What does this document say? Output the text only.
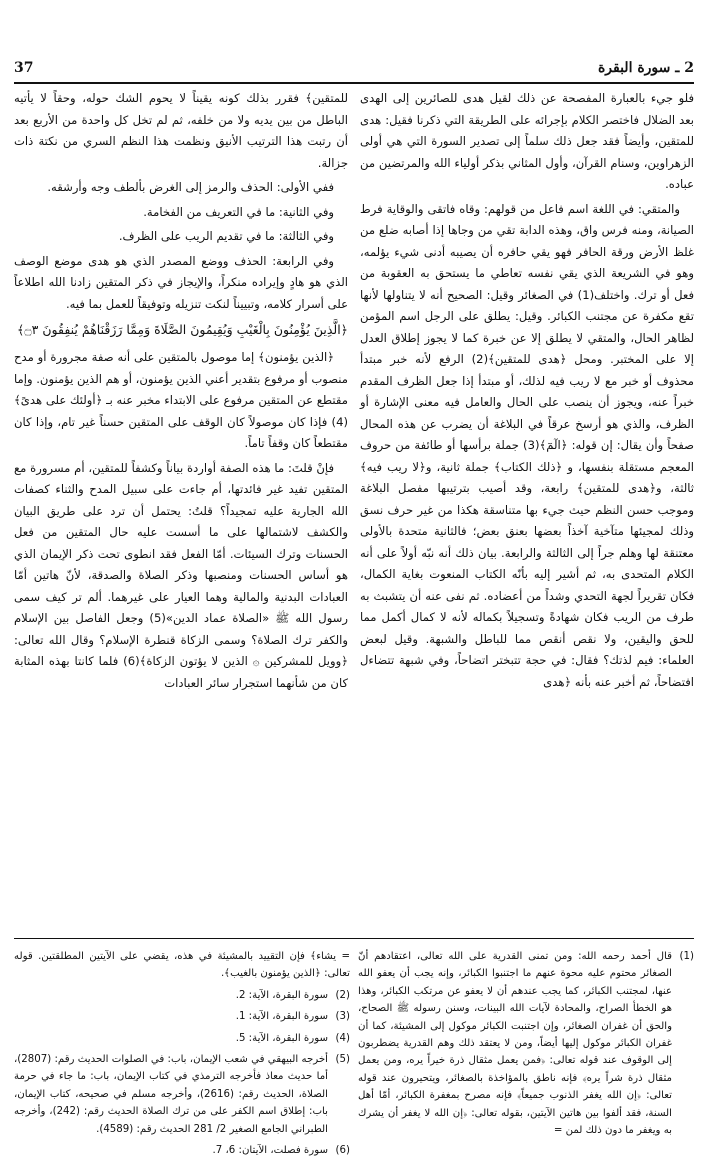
37	2 ـ سورة البقرة

فلو جيء بالعبارة المفصحة عن ذلك لقيل هدى للصائرين إلى الهدى بعد الضلال فاختصر الكلام بإجرائه على الطريقة التي ذكرنا فقيل: هدى للمتقين، وأيضاً فقد جعل ذلك سلماً إلى تصدير السورة التي هي أولى الزهراوين، وسنام القرآن، وأول المثاني بذكر أولياء الله والمرتضين من عباده.

والمتقي: في اللغة اسم فاعل من قولهم: وقاه فاتقى والوقاية فرط الصيانة، ومنه فرس واق، وهذه الدابة تقي من وجاها إذا أصابه ضلع من غلظ الأرض ورقة الحافر فهو يقي حافره أن يصيبه أدنى شيء يؤلمه، وهو في الشريعة الذي يقي نفسه تعاطي ما يستحق به العقوبة من فعل أو ترك. واختلف(1) في الصغائر وقيل: الصحيح أنه لا يتناولها لأنها تقع مكفرة عن مجتنب الكبائر. وقيل: يطلق على الرجل اسم المؤمن لظاهر الحال، والمتقي لا يطلق إلا عن خبرة كما لا يجوز إطلاق العدل إلا على المختبر. ومحل ﴿هدى للمتقين﴾(2) الرفع لأنه خبر مبتدأ محذوف أو خبر مع لا ريب فيه لذلك، أو مبتدأ إذا جعل الظرف المقدم خبراً عنه، ويجوز أن ينصب على الحال والعامل فيه معنى الإشارة أو الظرف، والذي هو أرسخ عرقاً في البلاغة أن يضرب عن هذه المحال صفحاً وأن يقال: إن قوله: ﴿الٓمٓ﴾(3) جملة برأسها أو طائفة من حروف المعجم مستقلة بنفسها، و ﴿ذلك الكتاب﴾ جملة ثانية، و﴿لا ريب فيه﴾ ثالثة، و﴿هدى للمتقين﴾ رابعة، وقد أصيب بترتيبها مفصل البلاغة وموجب حسن النظم حيث جيء بها متناسقة هكذا من غير حرف نسق وذلك لمجيئها متآخية آخذاً بعضها بعنق بعض؛ فالثانية متحدة بالأولى معتنقة لها وهلم جراً إلى الثالثة والرابعة. بيان ذلك أنه نبّه أولاً على أنه الكلام المتحدى به، ثم أشير إليه بأنّه الكتاب المنعوت بغاية الكمال، فكان تقريراً لجهة التحدي وشداً من أعضاده. ثم نفى عنه أن يتشبث به طرف من الريب فكان شهادةً وتسجيلاً بكماله لأنه لا كمال أكمل مما للحق واليقين، ولا نقص أنقص مما للباطل والشبهة. وقيل لبعض العلماء: فيم لذتك؟ فقال: في حجة تتبختر اتضاحاً، وفي شبهة تتضاءل افتضاحاً، ثم أخبر عنه بأنه ﴿هدى

للمتقين﴾ فقرر بذلك كونه يقيناً لا يحوم الشك حوله، وحقاً لا يأتيه الباطل من بين يديه ولا من خلفه، ثم لم تخل كل واحدة من الأربع بعد أن رتبت هذا الترتيب الأنيق ونظمت هذا النظم السري من نكتة ذات جزالة.

ففي الأولى: الحذف والرمز إلى الغرض بألطف وجه وأرشقه.

وفي الثانية: ما في التعريف من الفخامة.

وفي الثالثة: ما في تقديم الريب على الظرف.

وفي الرابعة: الحذف ووضع المصدر الذي هو هدى موضع الوصف الذي هو هادٍ وإيراده منكراً، والإيجاز في ذكر المتقين زادنا الله اطلاعاً على أسرار كلامه، وتبييناً لنكت تنزيله وتوفيقاً للعمل بما فيه.

﴿الَّذِينَ يُؤْمِنُونَ بِالْغَيْبِ وَيُقِيمُونَ الصَّلَاةَ وَمِمَّا رَزَقْنَاهُمْ يُنفِقُونَ ۝٣﴾

﴿الذين يؤمنون﴾ إما موصول بالمتقين على أنه صفة مجرورة أو مدح منصوب أو مرفوع بتقدير أعني الذين يؤمنون، أو هم الذين يؤمنون. وإما مقتطع عن المتقين مرفوع على الابتداء مخبر عنه بـ ﴿أولئك على هدىً﴾(4) فإذا كان موصولاً كان الوقف على المتقين حسناً غير تام، وإذا كان مقتطعاً كان وقفاً تاماً.

فإنْ قلتَ: ما هذه الصفة أواردة بياناً وكشفاً للمتقين، أم مسرورة مع المتقين تفيد غير فائدتها، أم جاءت على سبيل المدح والثناء كصفات الله الجارية عليه تمجيداً؟ قلتُ: يحتمل أن ترد على طريق البيان والكشف لاشتمالها على ما أسست عليه حال المتقين من فعل الحسنات وترك السيئات. أمّا الفعل فقد انطوى تحت ذكر الإيمان الذي هو أساس الحسنات ومنصبها وذكر الصلاة والصدقة، لأنّ هاتين أمّا العبادات البدنية والمالية وهما العيار على غيرهما. ألم تر كيف سمى رسول الله ﷺ «الصلاة عماد الدين»(5) وجعل الفاصل بين الإسلام والكفر ترك الصلاة؟ وسمى الزكاة قنطرة الإسلام؟ وقال الله تعالى: ﴿وويل للمشركين ۞ الذين لا يؤتون الزكاة﴾(6) فلما كانتا بهذه المثابة كان من شأنهما استجرار سائر العبادات

(1)
قال أحمد رحمه الله: ومن تمنى القدرية على الله تعالى، اعتقادهم أنّ الصغائر محتوم عليه محوة عنهم ما اجتنبوا الكبائر، وإنه يجب أن يعفو الله عنها، لمجتنب الكبائر، كما يجب عندهم أن لا يعفو عن مرتكب الكبائر، وهذا هو الخطأ الصراح، والمحادة لآيات الله البينات، وسنن رسوله ﷺ الصحاح، والحق أن غفران الصغائر، وإن اجتنبت الكبائر موكول إلى المشيئة، كما أن غفران الكبائر موكول إليها أيضاً، ومن لا يعتقد ذلك وهم القدرية يضطربون إلى الوقوف عند قوله تعالى: ﴿فمن يعمل مثقال ذرة خيراً يره، ومن يعمل مثقال ذرة شراً يره﴾ فإنه ناطق بالمؤاخذة بالصغائر، ويتحيرون عند قوله تعالى: ﴿إن الله يغفر الذنوب جميعاً﴾ فإنه مصرح بمغفرة الكبائر، أمّا أهل السنة، فقد ألفوا بين هاتين الآيتين، بقوله تعالى: ﴿إن الله لا يغفر أن يشرك به ويغفر ما دون ذلك لمن =
= يشاء﴾ فإن التقييد بالمشيئة في هذه، يقضي على الآيتين المطلقتين. قوله تعالى: ﴿الذين يؤمنون بالغيب﴾.
(2)
سورة البقرة، الآية: 2.
(3)
سورة البقرة، الآية: 1.
(4)
سورة البقرة، الآية: 5.
(5)
أخرجه البيهقي في شعب الإيمان، باب: في الصلوات الحديث رقم: (2807)، أما حديث معاذ فأخرجه الترمذي في كتاب الإيمان، باب: ما جاء في حرمة الصلاة، الحديث رقم: (2616)، وأخرجه مسلم في صحيحه، كتاب الإيمان، باب: إطلاق اسم الكفر على من ترك الصلاة الحديث رقم: (242)، وأخرجه الطبراني الجامع الصغير 2/ 281 الحديث رقم: (4589).
(6)
سورة فصلت، الآيتان: 6، 7.
